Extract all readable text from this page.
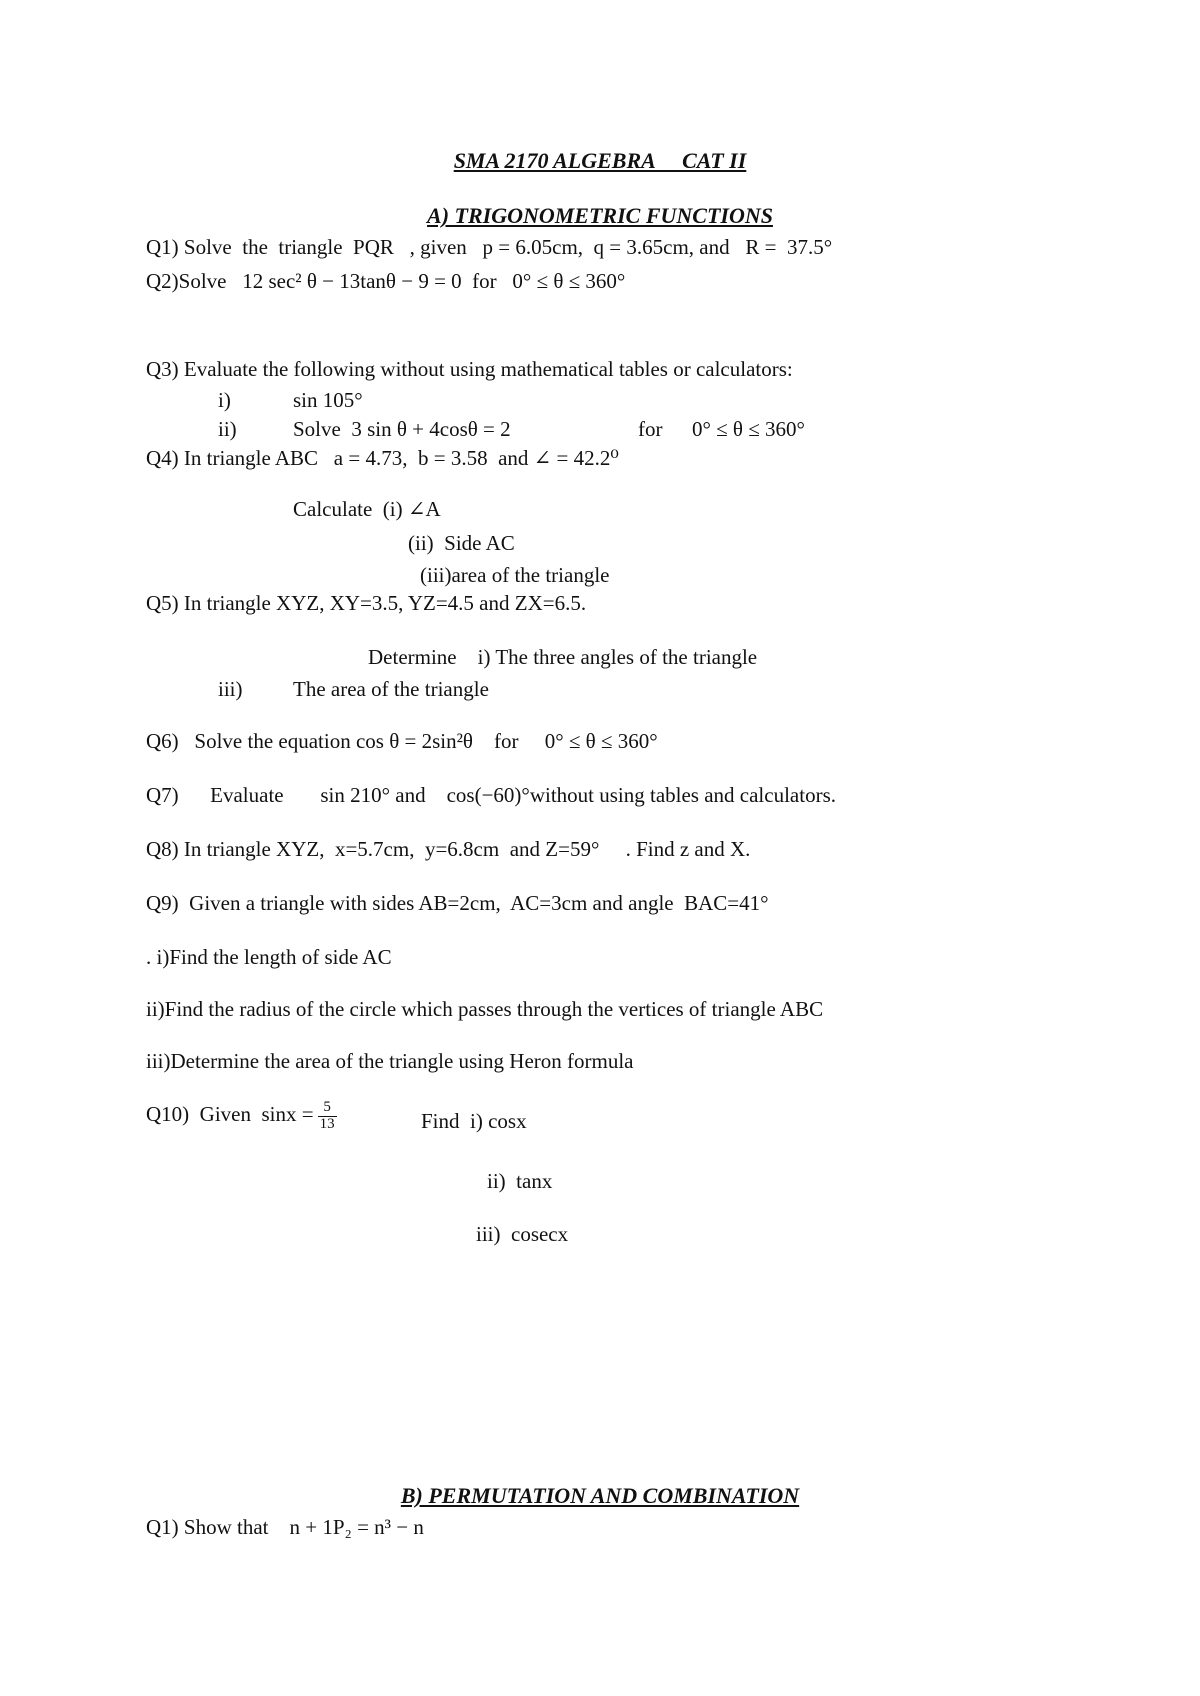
SMA 2170 ALGEBRA     CAT II
A) TRIGONOMETRIC FUNCTIONS
Q1) Solve  the  triangle  PQR   , given   p = 6.05cm,  q = 3.65cm, and   R =  37.5°
Q2)Solve   12 sec² θ − 13tanθ − 9 = 0  for   0° ≤ θ ≤ 360°
Q3) Evaluate the following without using mathematical tables or calculators:
i)	sin 105°
ii)	Solve  3 sin θ + 4cosθ = 2	for 0° ≤ θ ≤ 360°
Q4) In triangle ABC   a = 4.73,  b = 3.58  and ∠ = 42.2⁰
Calculate  (i) ∠A
(ii)  Side AC
(iii)area of the triangle
Q5) In triangle XYZ, XY=3.5, YZ=4.5 and ZX=6.5.
Determine    i) The three angles of the triangle
iii) The area of the triangle
Q6)   Solve the equation cos θ = 2sin²θ    for     0° ≤ θ ≤ 360°
Q7)      Evaluate       sin 210° and    cos(−60)°without using tables and calculators.
Q8) In triangle XYZ,  x=5.7cm,  y=6.8cm  and Z=59°     . Find z and X.
Q9)  Given a triangle with sides AB=2cm,  AC=3cm and angle  BAC=41°
. i)Find the length of side AC
ii)Find the radius of the circle which passes through the vertices of triangle ABC
iii)Determine the area of the triangle using Heron formula
Q10)  Given  $\sin x = \frac{5}{13}$	Find  i) cosx
ii)  tanx
iii)  cosecx
B) PERMUTATION AND COMBINATION
Q1) Show that    n + 1P₂ = n³ − n
